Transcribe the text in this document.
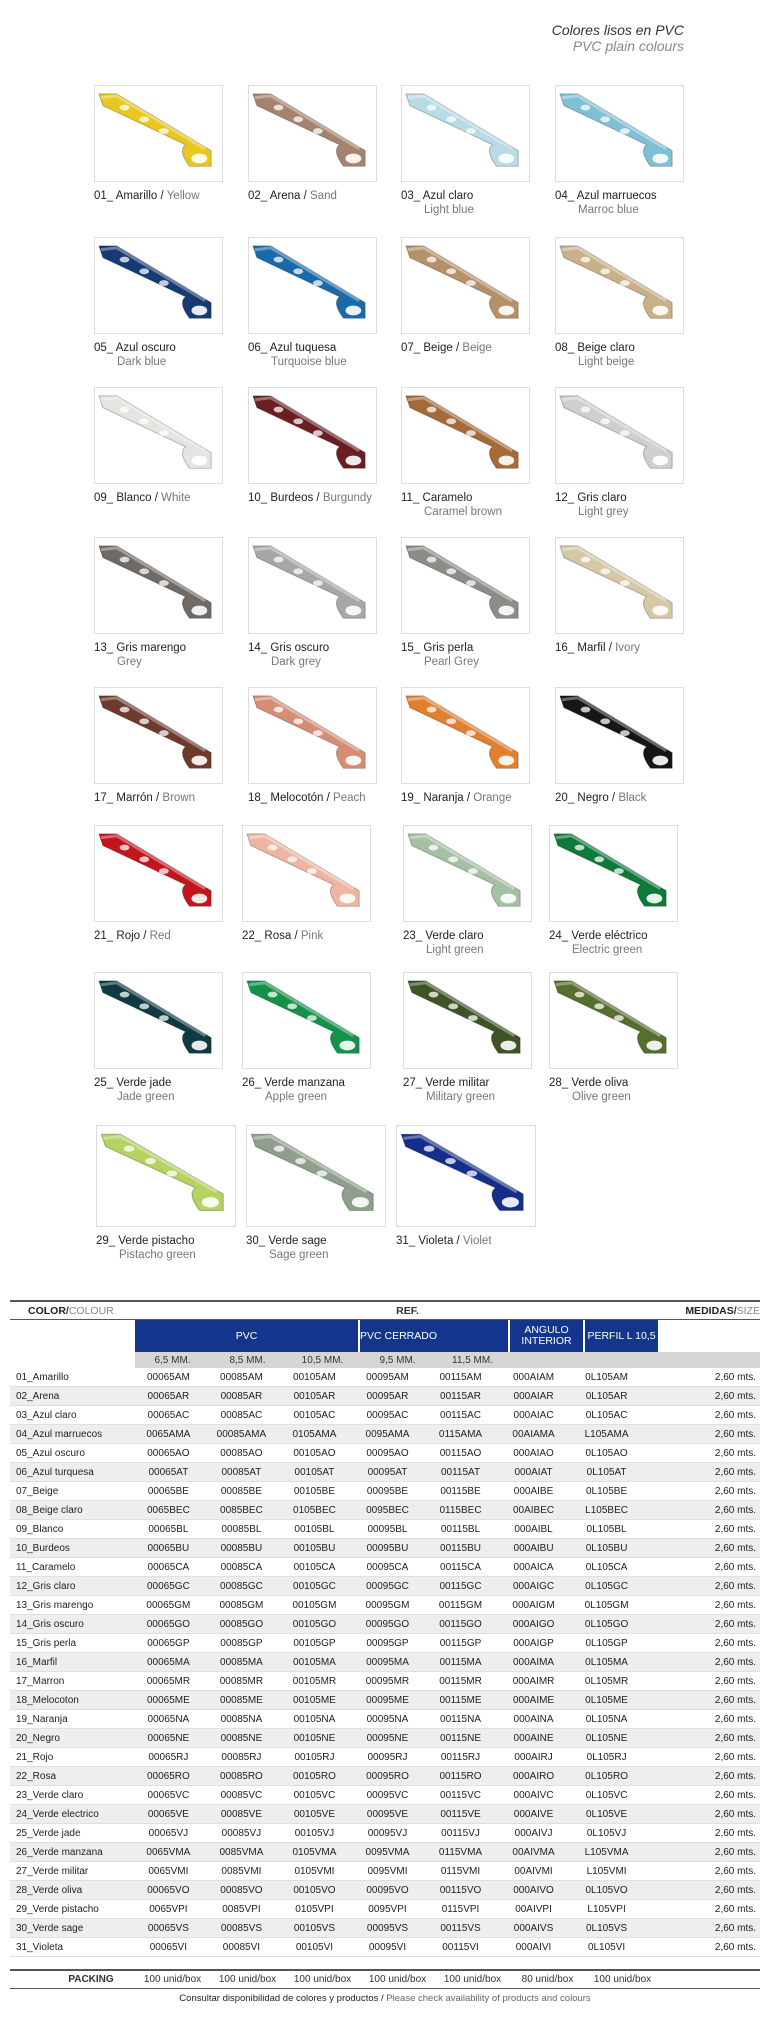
Colores lisos en PVC
PVC plain colours
01_ Amarillo / Yellow	02_ Arena / Sand	03_ Azul claro
Light blue
04_ Azul marruecos
Marroc blue
05_ Azul oscuro
Dark blue
06_ Azul tuquesa
Turquoise blue
07_ Beige / Beige	08_ Beige claro
Light beige
09_ Blanco / White	10_ Burdeos / Burgundy	11_ Caramelo
Caramel brown
12_ Gris claro
Light grey
13_ Gris marengo
Grey
14_ Gris oscuro
Dark grey
15_ Gris perla
Pearl Grey
16_ Marfil / Ivory
17_ Marrón / Brown	18_ Melocotón / Peach	19_ Naranja / Orange	20_ Negro / Black
21_ Rojo / Red	22_ Rosa / Pink	23_ Verde claro
Light green
24_ Verde eléctrico
Electric green
25_ Verde jade
Jade green
26_ Verde manzana
Apple green
27_ Verde militar
Military green
28_ Verde oliva
Olive green
29_ Verde pistacho
Pistacho green
30_ Verde sage
Sage green
31_ Violeta / Violet
COLOR/COLOUR	REF.	MEDIDAS/SIZE
PVC	PVC CERRADO	ANGULO INTERIOR	PERFIL L 10,5
6,5 MM.	8,5 MM.	10,5 MM.	9,5 MM.	11,5 MM.
01_Amarillo	00065AM	00085AM	00105AM	00095AM	00115AM	000AIAM	0L105AM	2,60 mts.
02_Arena	00065AR	00085AR	00105AR	00095AR	00115AR	000AIAR	0L105AR	2,60 mts.
03_Azul claro	00065AC	00085AC	00105AC	00095AC	00115AC	000AIAC	0L105AC	2,60 mts.
04_Azul marruecos	0065AMA	00085AMA	0105AMA	0095AMA	0115AMA	00AIAMA	L105AMA	2,60 mts.
05_Azul oscuro	00065AO	00085AO	00105AO	00095AO	00115AO	000AIAO	0L105AO	2,60 mts.
06_Azul turquesa	00065AT	00085AT	00105AT	00095AT	00115AT	000AIAT	0L105AT	2,60 mts.
07_Beige	00065BE	00085BE	00105BE	00095BE	00115BE	000AIBE	0L105BE	2,60 mts.
08_Beige claro	0065BEC	0085BEC	0105BEC	0095BEC	0115BEC	00AIBEC	L105BEC	2,60 mts.
09_Blanco	00065BL	00085BL	00105BL	00095BL	00115BL	000AIBL	0L105BL	2,60 mts.
10_Burdeos	00065BU	00085BU	00105BU	00095BU	00115BU	000AIBU	0L105BU	2,60 mts.
11_Caramelo	00065CA	00085CA	00105CA	00095CA	00115CA	000AICA	0L105CA	2,60 mts.
12_Gris claro	00065GC	00085GC	00105GC	00095GC	00115GC	000AIGC	0L105GC	2,60 mts.
13_Gris marengo	00065GM	00085GM	00105GM	00095GM	00115GM	000AIGM	0L105GM	2,60 mts.
14_Gris oscuro	00065GO	00085GO	00105GO	00095GO	00115GO	000AIGO	0L105GO	2,60 mts.
15_Gris perla	00065GP	00085GP	00105GP	00095GP	00115GP	000AIGP	0L105GP	2,60 mts.
16_Marfil	00065MA	00085MA	00105MA	00095MA	00115MA	000AIMA	0L105MA	2,60 mts.
17_Marron	00065MR	00085MR	00105MR	00095MR	00115MR	000AIMR	0L105MR	2,60 mts.
18_Melocoton	00065ME	00085ME	00105ME	00095ME	00115ME	000AIME	0L105ME	2,60 mts.
19_Naranja	00065NA	00085NA	00105NA	00095NA	00115NA	000AINA	0L105NA	2,60 mts.
20_Negro	00065NE	00085NE	00105NE	00095NE	00115NE	000AINE	0L105NE	2,60 mts.
21_Rojo	00065RJ	00085RJ	00105RJ	00095RJ	00115RJ	000AIRJ	0L105RJ	2,60 mts.
22_Rosa	00065RO	00085RO	00105RO	00095RO	00115RO	000AIRO	0L105RO	2,60 mts.
23_Verde claro	00065VC	00085VC	00105VC	00095VC	00115VC	000AIVC	0L105VC	2,60 mts.
24_Verde electrico	00065VE	00085VE	00105VE	00095VE	00115VE	000AIVE	0L105VE	2,60 mts.
25_Verde jade	00065VJ	00085VJ	00105VJ	00095VJ	00115VJ	000AIVJ	0L105VJ	2,60 mts.
26_Verde manzana	0065VMA	0085VMA	0105VMA	0095VMA	0115VMA	00AIVMA	L105VMA	2,60 mts.
27_Verde militar	0065VMI	0085VMI	0105VMI	0095VMI	0115VMI	00AIVMI	L105VMI	2,60 mts.
28_Verde oliva	00065VO	00085VO	00105VO	00095VO	00115VO	000AIVO	0L105VO	2,60 mts.
29_Verde pistacho	0065VPI	0085VPI	0105VPI	0095VPI	0115VPI	00AIVPI	L105VPI	2,60 mts.
30_Verde sage	00065VS	00085VS	00105VS	00095VS	00115VS	000AIVS	0L105VS	2,60 mts.
31_Violeta	00065VI	00085VI	00105VI	00095VI	00115VI	000AIVI	0L105VI	2,60 mts.
PACKING	100 unid/box	100 unid/box	100 unid/box	100 unid/box	100 unid/box	80 unid/box	100 unid/box
Consultar disponibilidad de colores y productos / Please check availability of products and colours
